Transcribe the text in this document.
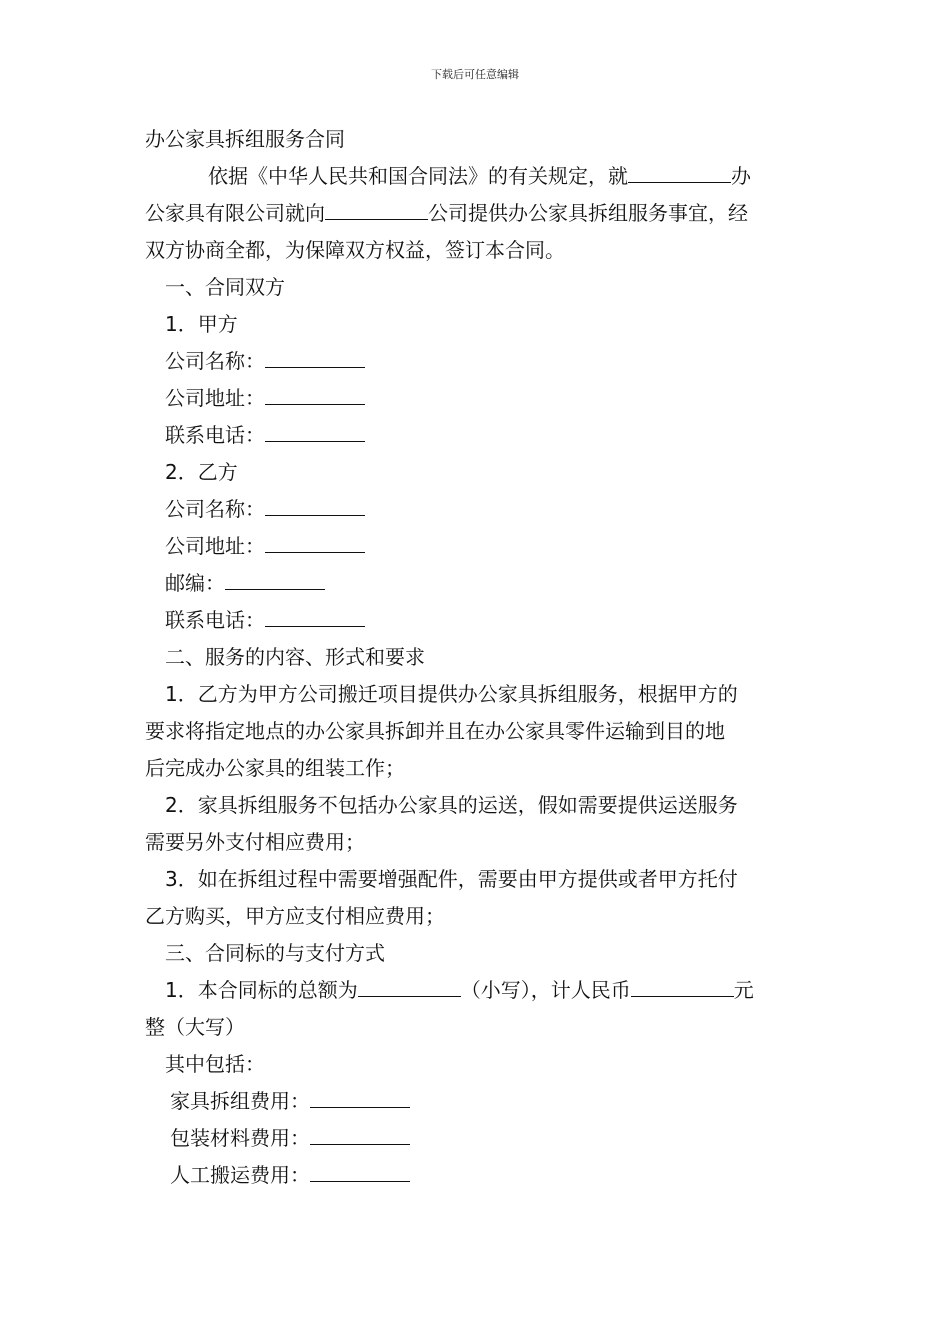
下载后可任意编辑
办公家具拆组服务合同
依据《中华人民共和国合同法》的有关规定，就	办
公家具有限公司就向	公司提供办公家具拆组服务事宜，经
双方协商全都，为保障双方权益，签订本合同。
一、合同双方
1．甲方
公司名称：
公司地址：
联系电话：
2．乙方
公司名称：
公司地址：
邮编：
联系电话：
二、服务的内容、形式和要求
1．乙方为甲方公司搬迁项目提供办公家具拆组服务，根据甲方的
要求将指定地点的办公家具拆卸并且在办公家具零件运输到目的地
后完成办公家具的组装工作；
2．家具拆组服务不包括办公家具的运送，假如需要提供运送服务
需要另外支付相应费用；
3．如在拆组过程中需要增强配件，需要由甲方提供或者甲方托付
乙方购买，甲方应支付相应费用；
三、合同标的与支付方式
1．本合同标的总额为	（小写），计人民币	元
整（大写）
其中包括：
家具拆组费用：
包装材料费用：
人工搬运费用：
